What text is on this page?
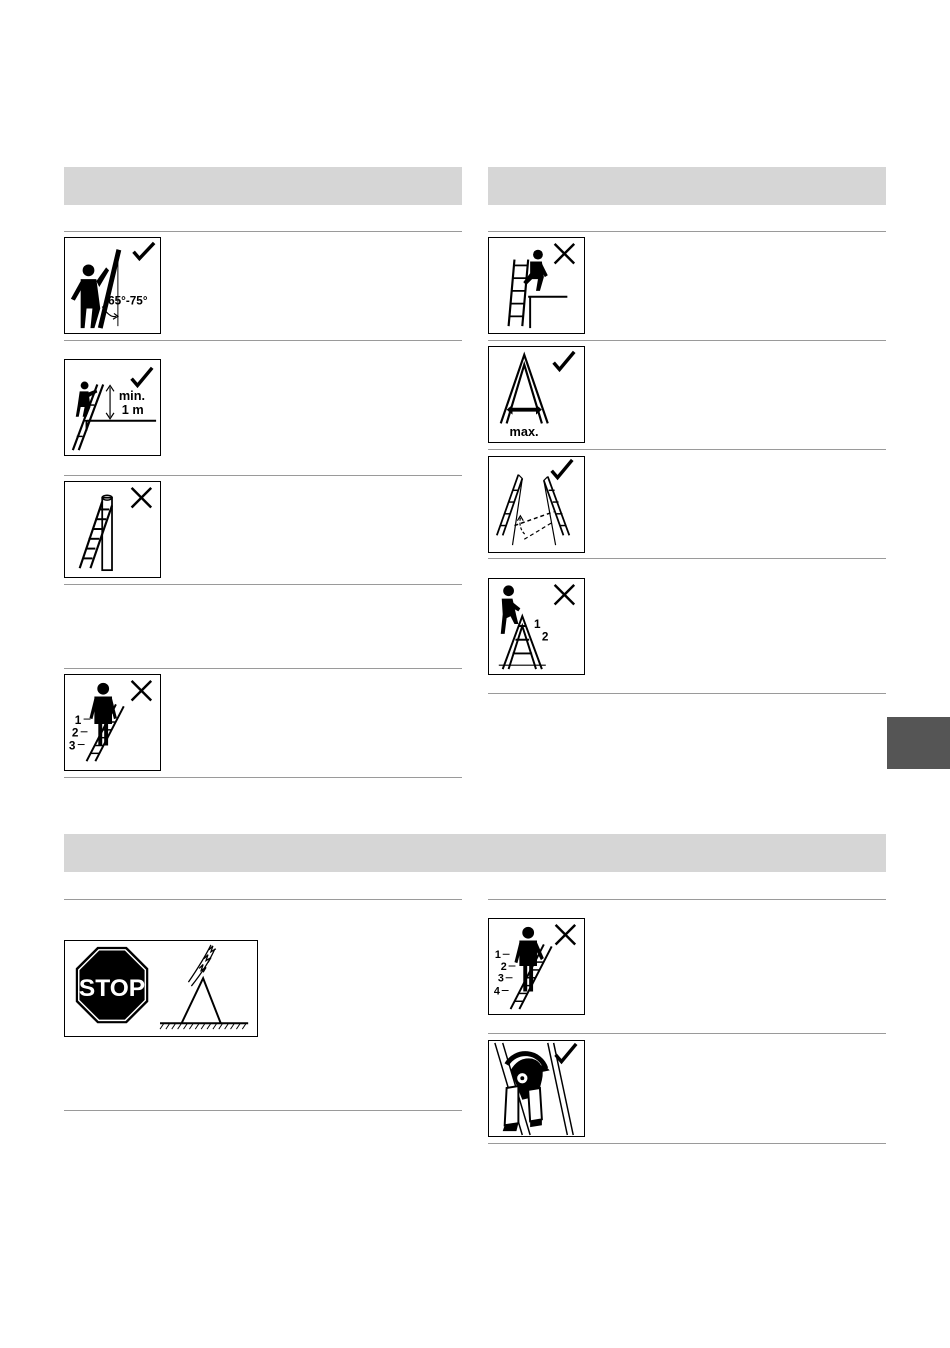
65°-75°
min.
1 m
1
2
3
max.
1
2
STOP
1
2
3
4
